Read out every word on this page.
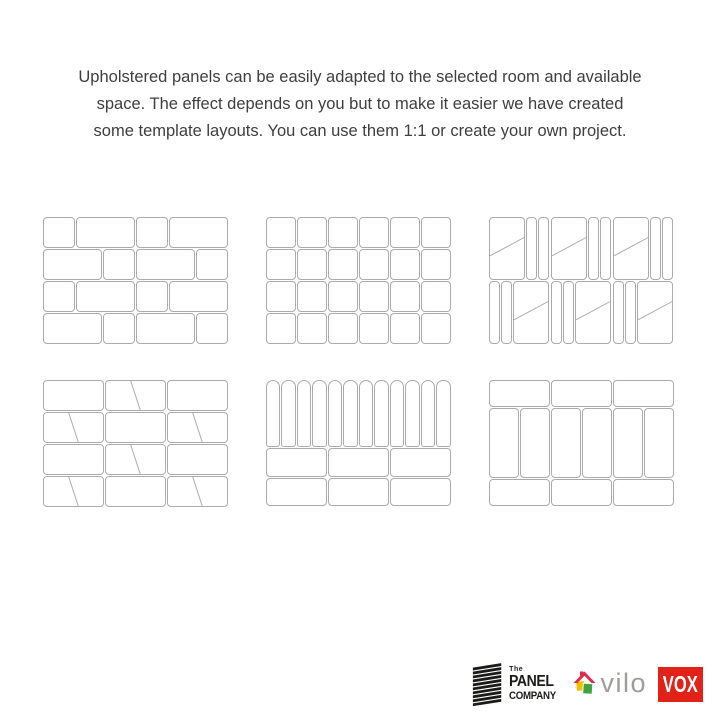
Upholstered panels can be easily adapted to the selected room and available
space. The effect depends on you but to make it easier we have created
some template layouts. You can use them 1:1 or create your own project.
The
PANEL
COMPANY vilo VOX
